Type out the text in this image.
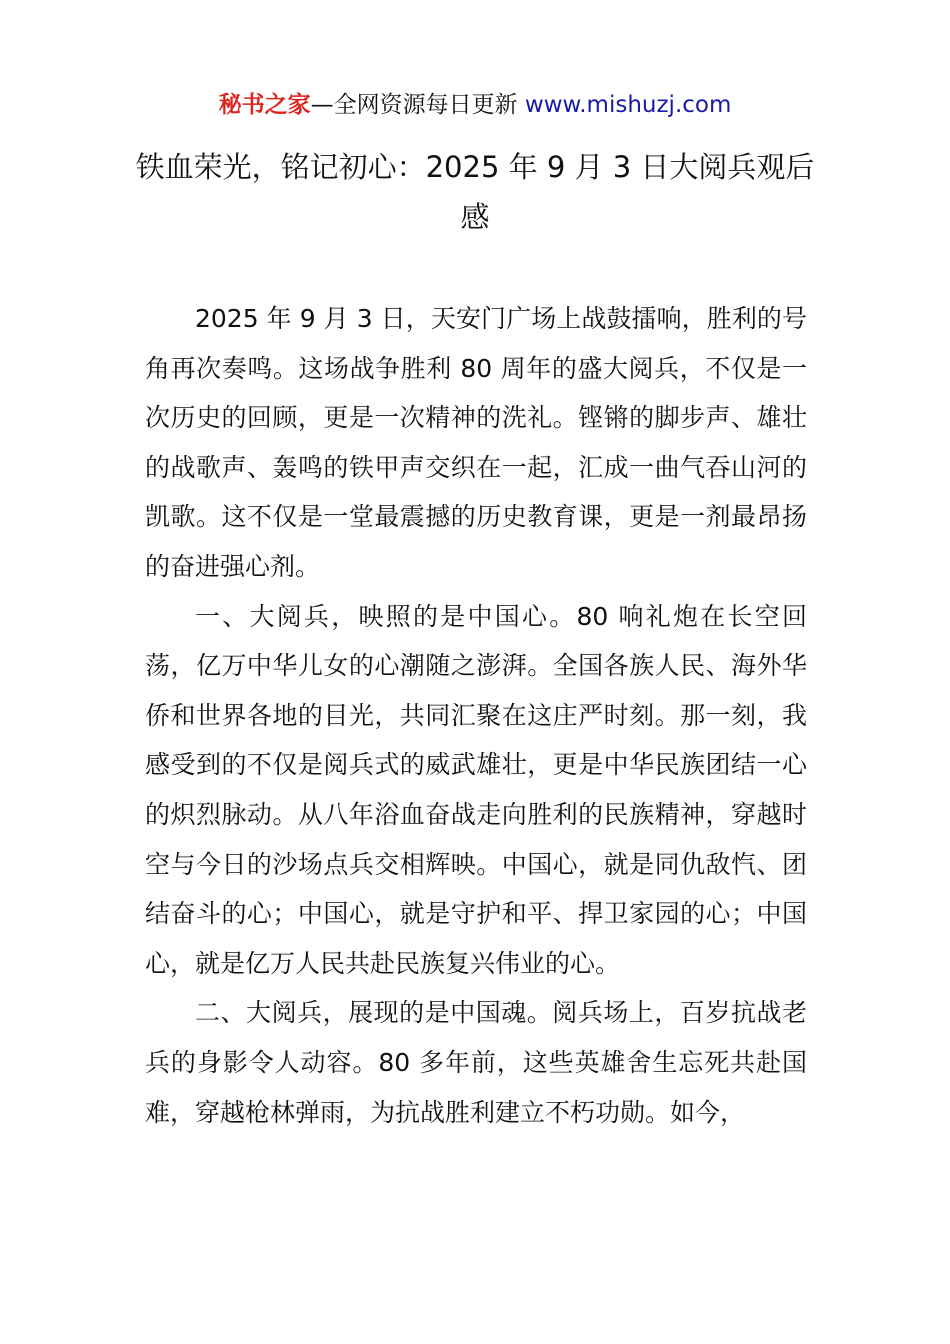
秘书之家—全网资源每日更新 www.mishuzj.com
铁血荣光，铭记初心：2025 年 9 月 3 日大阅兵观后感

2025 年 9 月 3 日，天安门广场上战鼓擂响，胜利的号角再次奏鸣。这场战争胜利 80 周年的盛大阅兵，不仅是一次历史的回顾，更是一次精神的洗礼。铿锵的脚步声、雄壮的战歌声、轰鸣的铁甲声交织在一起，汇成一曲气吞山河的凯歌。这不仅是一堂最震撼的历史教育课，更是一剂最昂扬的奋进强心剂。

一、大阅兵，映照的是中国心。80 响礼炮在长空回荡，亿万中华儿女的心潮随之澎湃。全国各族人民、海外华侨和世界各地的目光，共同汇聚在这庄严时刻。那一刻，我感受到的不仅是阅兵式的威武雄壮，更是中华民族团结一心的炽烈脉动。从八年浴血奋战走向胜利的民族精神，穿越时空与今日的沙场点兵交相辉映。中国心，就是同仇敌忾、团结奋斗的心；中国心，就是守护和平、捍卫家园的心；中国心，就是亿万人民共赴民族复兴伟业的心。

二、大阅兵，展现的是中国魂。阅兵场上，百岁抗战老兵的身影令人动容。80 多年前，这些英雄舍生忘死共赴国难，穿越枪林弹雨，为抗战胜利建立不朽功勋。如今，
